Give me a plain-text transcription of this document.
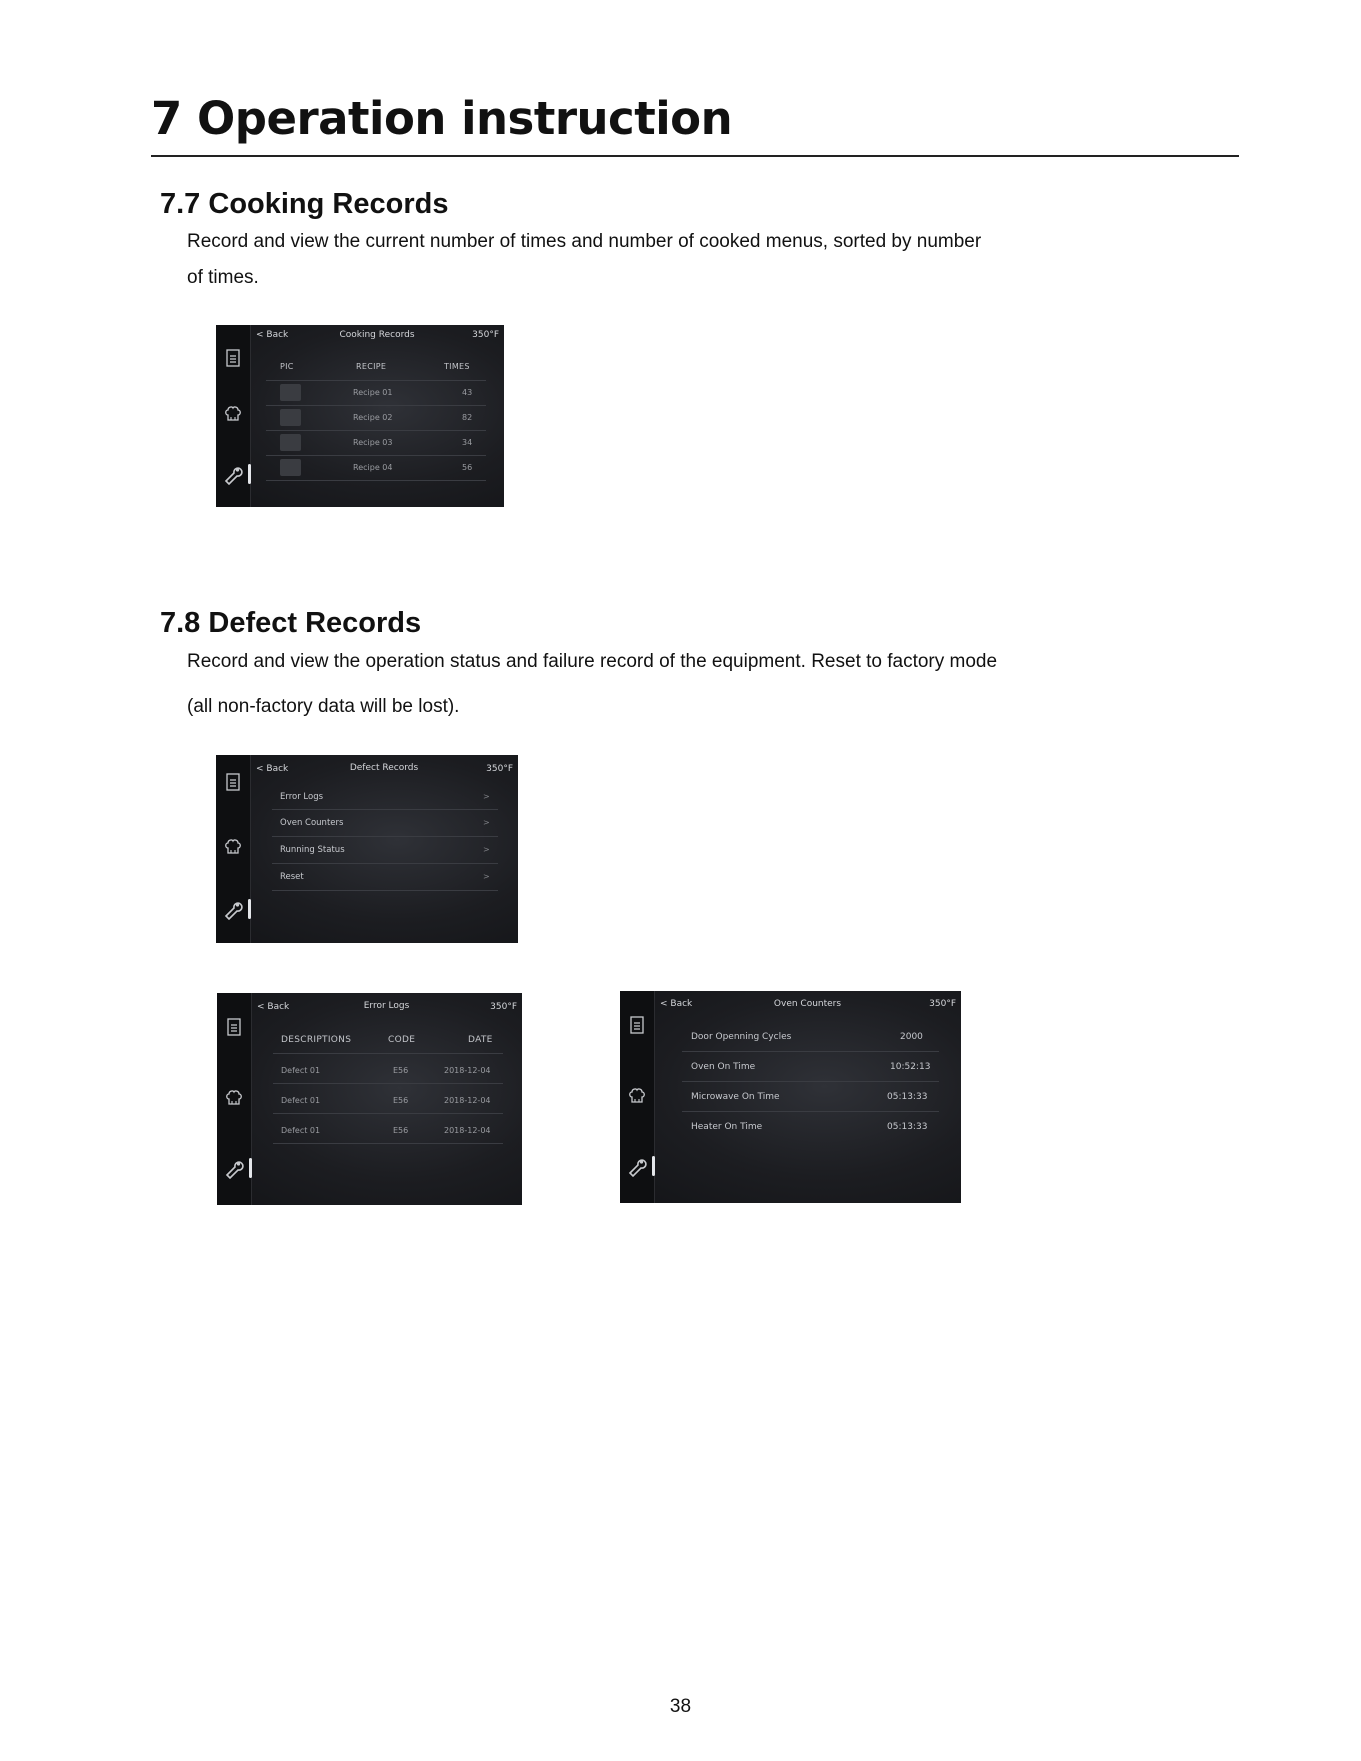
7 Operation instruction
7.7 Cooking Records

Record and view the current number of times and number of cooked menus, sorted by number

of times.

< Back	Cooking Records	350°F
PIC	RECIPE	TIMES
Recipe 01	43
Recipe 02	82
Recipe 03	34
Recipe 04	56
7.8 Defect Records

Record and view the operation status and failure record of the equipment. Reset to factory mode

(all non-factory data will be lost).

< Back	Defect Records	350°F
Error Logs	>
Oven Counters	>
Running Status	>
Reset	>
< Back	Error Logs	350°F
DESCRIPTIONS	CODE	DATE
Defect 01	E56	2018-12-04
Defect 01	E56	2018-12-04
Defect 01	E56	2018-12-04
< Back	Oven Counters	350°F
Door Openning Cycles	2000
Oven On Time	10:52:13
Microwave On Time	05:13:33
Heater On Time	05:13:33

38
